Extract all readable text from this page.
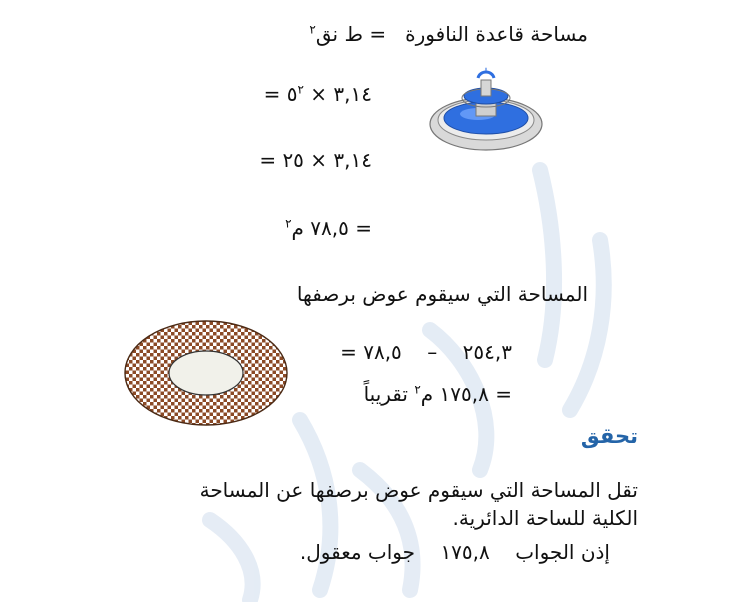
مساحة قاعدة النافورة   = ط نق$^٢$
= ٣,١٤ × $٥^٢$
= ٣,١٤ × ٢٥
= ٧٨,٥ م$^٢$
المساحة التي سيقوم عوض برصفها
=	٢٥٤,٣    –    ٧٨,٥
= ١٧٥,٨ م$^٢$ تقريباً
تحقق
تقل المساحة التي سيقوم عوض برصفها عن المساحة
الكلية للساحة الدائرية.
إذن الجواب    ١٧٥,٨    جواب معقول.
